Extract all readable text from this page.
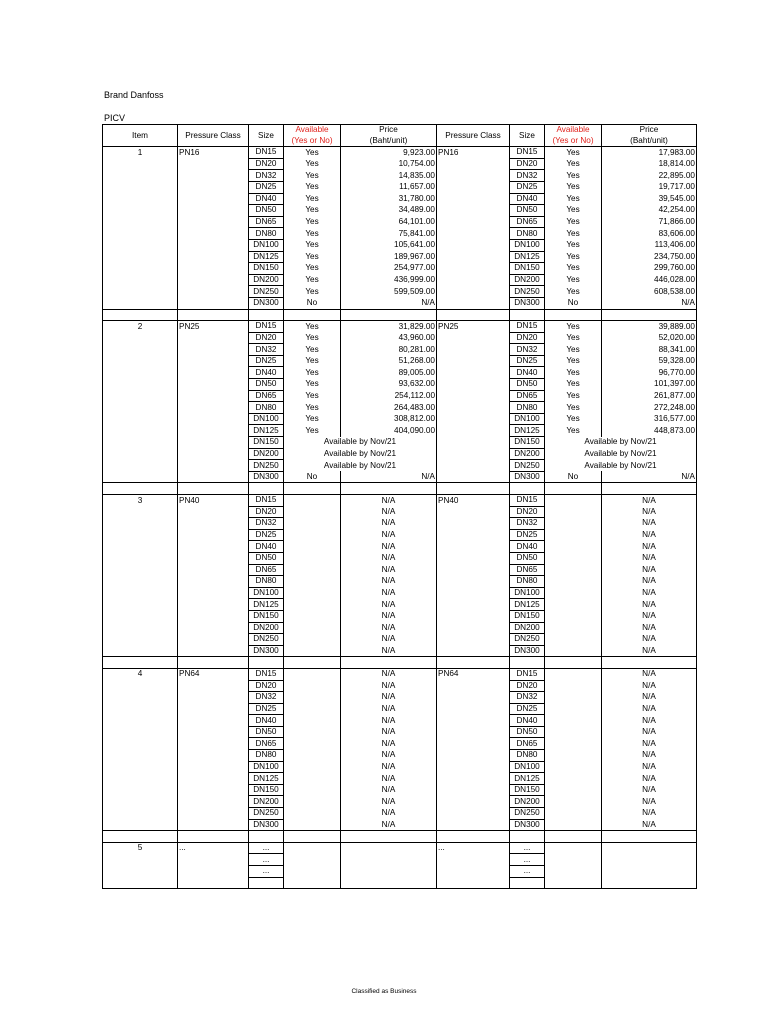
Brand Danfoss
PICV
Item	Pressure Class	Size	Available	Price	Pressure Class	Size	Available	Price
			(Yes or No)	(Baht/unit)			(Yes or No)	(Baht/unit)
1	PN16	DN15	Yes	9,923.00	PN16	DN15	Yes	17,983.00
		DN20	Yes	10,754.00		DN20	Yes	18,814.00
		DN32	Yes	14,835.00		DN32	Yes	22,895.00
		DN25	Yes	11,657.00		DN25	Yes	19,717.00
		DN40	Yes	31,780.00		DN40	Yes	39,545.00
		DN50	Yes	34,489.00		DN50	Yes	42,254.00
		DN65	Yes	64,101.00		DN65	Yes	71,866.00
		DN80	Yes	75,841.00		DN80	Yes	83,606.00
		DN100	Yes	105,641.00		DN100	Yes	113,406.00
		DN125	Yes	189,967.00		DN125	Yes	234,750.00
		DN150	Yes	254,977.00		DN150	Yes	299,760.00
		DN200	Yes	436,999.00		DN200	Yes	446,028.00
		DN250	Yes	599,509.00		DN250	Yes	608,538.00
		DN300	No	N/A		DN300	No	N/A

2	PN25	DN15	Yes	31,829.00	PN25	DN15	Yes	39,889.00
		DN20	Yes	43,960.00		DN20	Yes	52,020.00
		DN32	Yes	80,281.00		DN32	Yes	88,341.00
		DN25	Yes	51,268.00		DN25	Yes	59,328.00
		DN40	Yes	89,005.00		DN40	Yes	96,770.00
		DN50	Yes	93,632.00		DN50	Yes	101,397.00
		DN65	Yes	254,112.00		DN65	Yes	261,877.00
		DN80	Yes	264,483.00		DN80	Yes	272,248.00
		DN100	Yes	308,812.00		DN100	Yes	316,577.00
		DN125	Yes	404,090.00		DN125	Yes	448,873.00
		DN150	Available by Nov/21			DN150	Available by Nov/21	
		DN200	Available by Nov/21			DN200	Available by Nov/21	
		DN250	Available by Nov/21			DN250	Available by Nov/21	
		DN300	No	N/A		DN300	No	N/A

3	PN40	DN15		N/A	PN40	DN15		N/A
		DN20		N/A		DN20		N/A
		DN32		N/A		DN32		N/A
		DN25		N/A		DN25		N/A
		DN40		N/A		DN40		N/A
		DN50		N/A		DN50		N/A
		DN65		N/A		DN65		N/A
		DN80		N/A		DN80		N/A
		DN100		N/A		DN100		N/A
		DN125		N/A		DN125		N/A
		DN150		N/A		DN150		N/A
		DN200		N/A		DN200		N/A
		DN250		N/A		DN250		N/A
		DN300		N/A		DN300		N/A

4	PN64	DN15		N/A	PN64	DN15		N/A
		DN20		N/A		DN20		N/A
		DN32		N/A		DN32		N/A
		DN25		N/A		DN25		N/A
		DN40		N/A		DN40		N/A
		DN50		N/A		DN50		N/A
		DN65		N/A		DN65		N/A
		DN80		N/A		DN80		N/A
		DN100		N/A		DN100		N/A
		DN125		N/A		DN125		N/A
		DN150		N/A		DN150		N/A
		DN200		N/A		DN200		N/A
		DN250		N/A		DN250		N/A
		DN300		N/A		DN300		N/A

5	...	...			...	...		
		...				...		
		...				...		

Classified as Business
